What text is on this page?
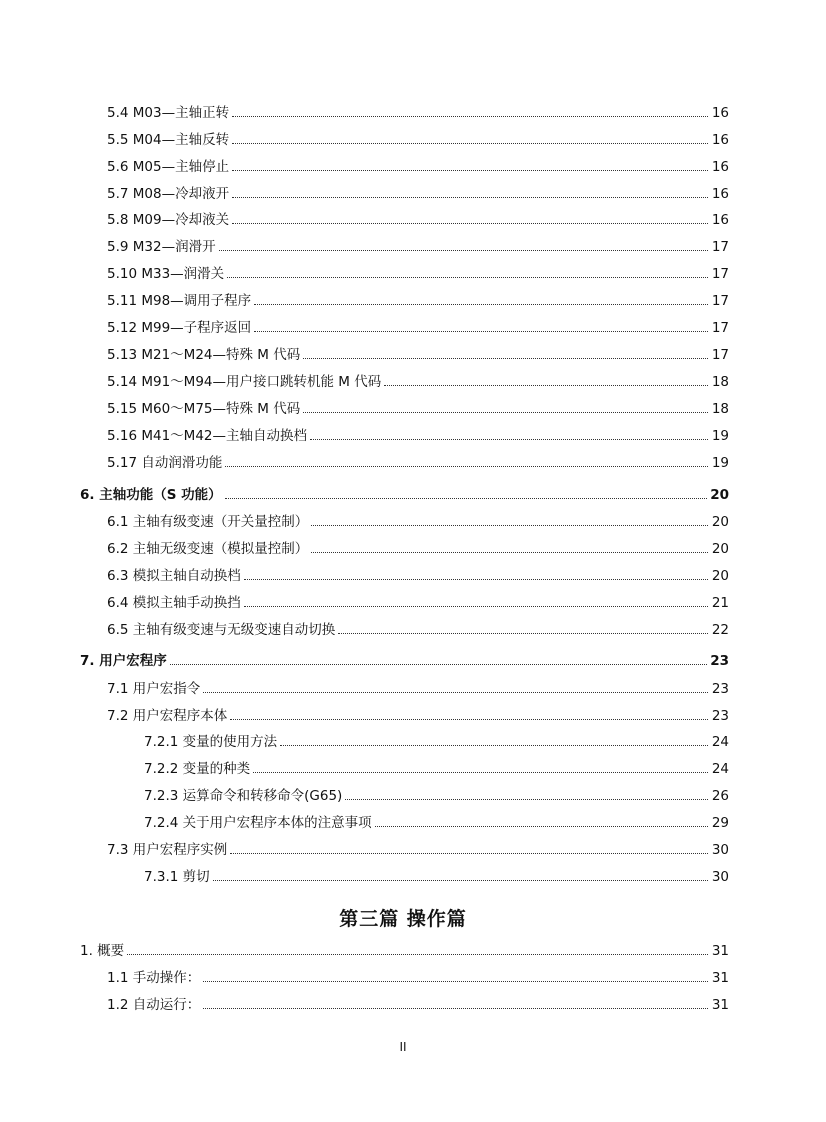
5.4 M03—主轴正转	16
5.5 M04—主轴反转	16
5.6 M05—主轴停止	16
5.7 M08—冷却液开	16
5.8 M09—冷却液关	16
5.9 M32—润滑开	17
5.10 M33—润滑关	17
5.11 M98—调用子程序	17
5.12 M99—子程序返回	17
5.13 M21～M24—特殊 M 代码	17
5.14 M91～M94—用户接口跳转机能 M 代码	18
5.15 M60～M75—特殊 M 代码	18
5.16 M41～M42—主轴自动换档	19
5.17 自动润滑功能	19
6. 主轴功能（S 功能）	20
6.1 主轴有级变速（开关量控制）	20
6.2 主轴无级变速（模拟量控制）	20
6.3 模拟主轴自动换档	20
6.4 模拟主轴手动换挡	21
6.5 主轴有级变速与无级变速自动切换	22
7. 用户宏程序	23
7.1 用户宏指令	23
7.2 用户宏程序本体	23
7.2.1 变量的使用方法	24
7.2.2 变量的种类	24
7.2.3 运算命令和转移命令(G65)	26
7.2.4 关于用户宏程序本体的注意事项	29
7.3 用户宏程序实例	30
7.3.1 剪切	30
第三篇 操作篇
1. 概要	31
1.1 手动操作：	31
1.2 自动运行：	31
II
